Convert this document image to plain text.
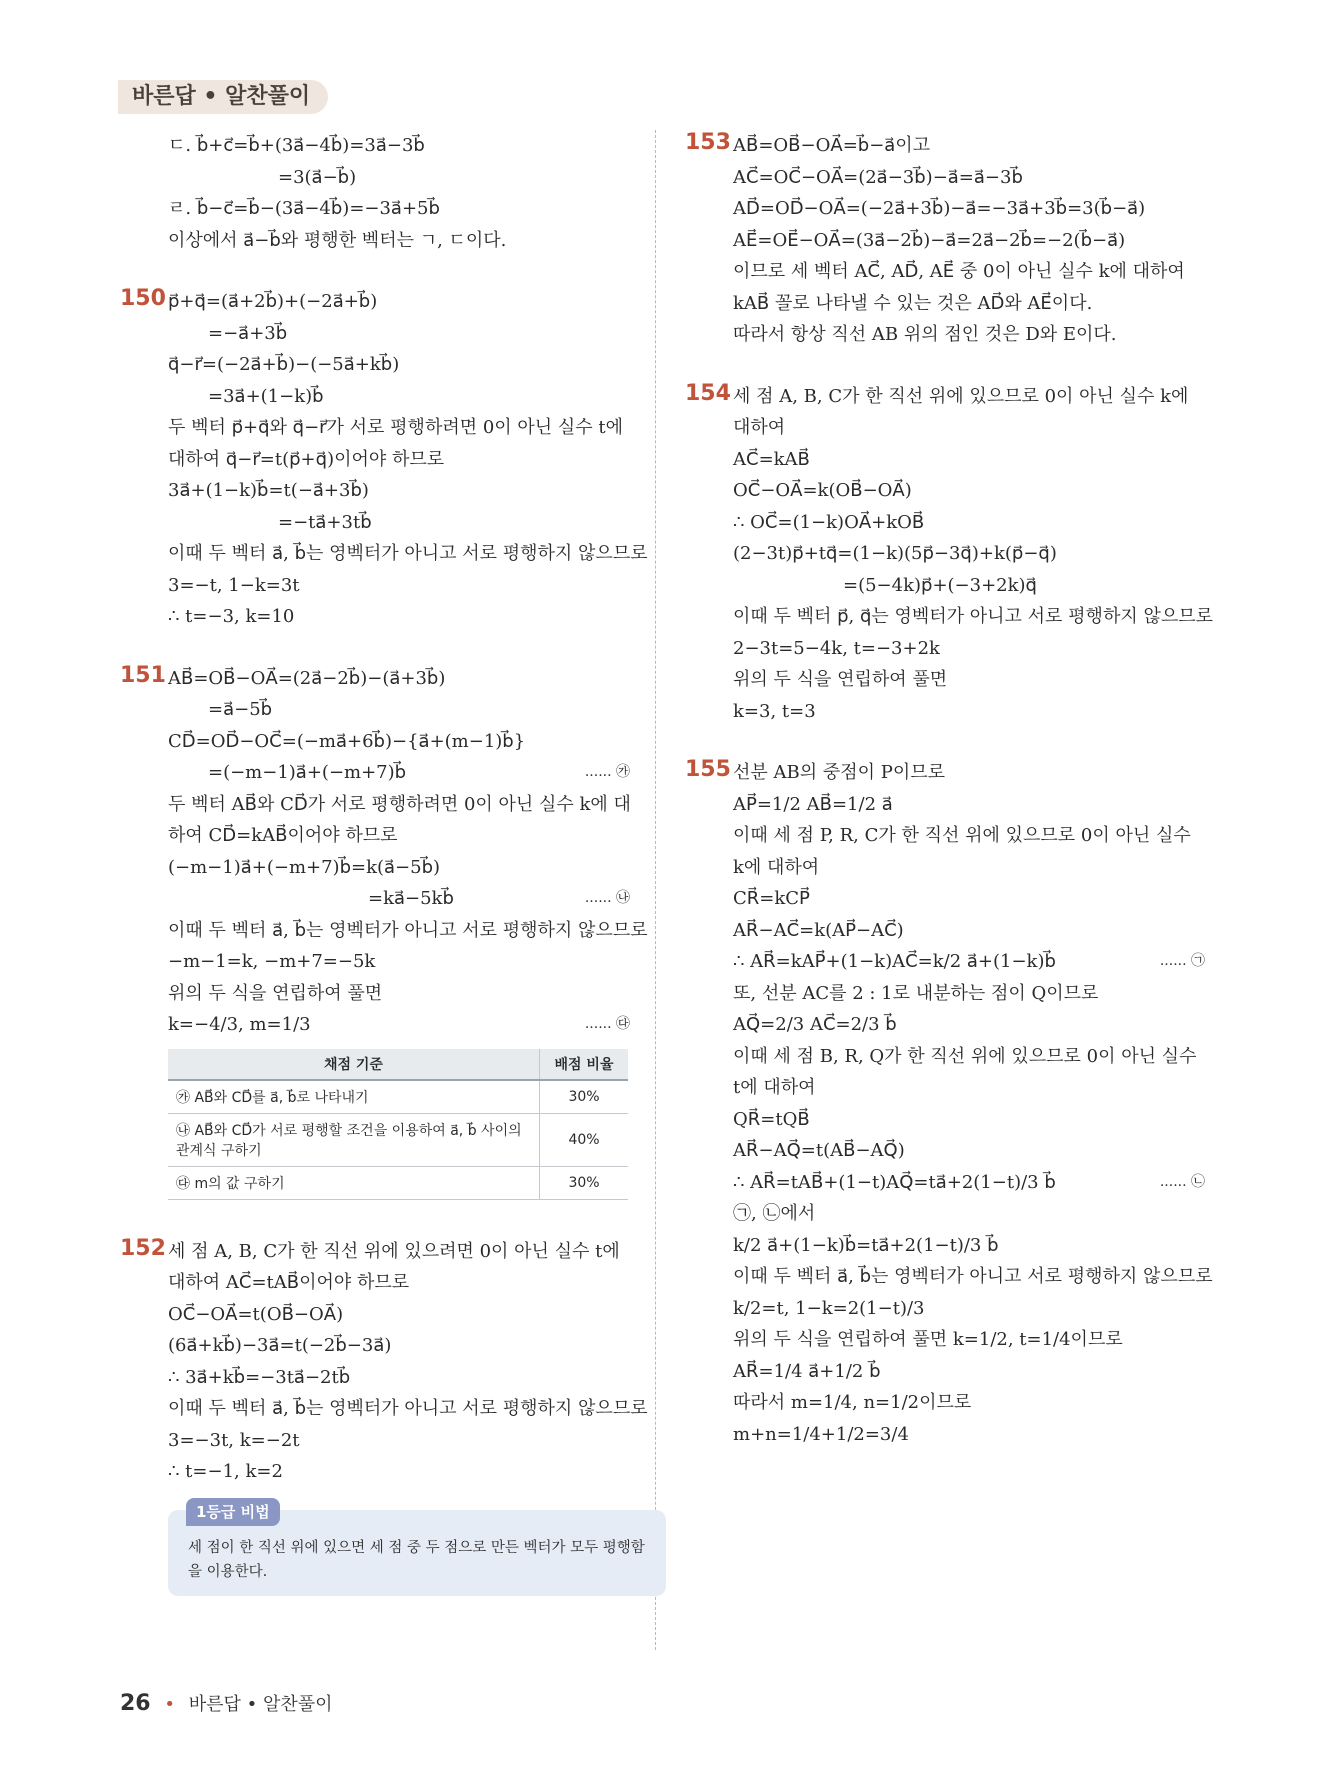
바른답 • 알찬풀이
ㄷ. b⃗+c⃗=b⃗+(3a⃗−4b⃗)=3a⃗−3b⃗
=3(a⃗−b⃗)
ㄹ. b⃗−c⃗=b⃗−(3a⃗−4b⃗)=−3a⃗+5b⃗
이상에서 a⃗−b⃗와 평행한 벡터는 ㄱ, ㄷ이다.
150 p⃗+q⃗=(a⃗+2b⃗)+(−2a⃗+b⃗)
=−a⃗+3b⃗
q⃗−r⃗=(−2a⃗+b⃗)−(−5a⃗+kb⃗)
=3a⃗+(1−k)b⃗
두 벡터 p⃗+q⃗와 q⃗−r⃗가 서로 평행하려면 0이 아닌 실수 t에
대하여 q⃗−r⃗=t(p⃗+q⃗)이어야 하므로
3a⃗+(1−k)b⃗=t(−a⃗+3b⃗)
=−ta⃗+3tb⃗
이때 두 벡터 a⃗, b⃗는 영벡터가 아니고 서로 평행하지 않으므로
3=−t, 1−k=3t
∴ t=−3, k=10
151 AB⃗=OB⃗−OA⃗=(2a⃗−2b⃗)−(a⃗+3b⃗)
=a⃗−5b⃗
CD⃗=OD⃗−OC⃗=(−ma⃗+6b⃗)−{a⃗+(m−1)b⃗}
=(−m−1)a⃗+(−m+7)b⃗	...... ㉮
두 벡터 AB⃗와 CD⃗가 서로 평행하려면 0이 아닌 실수 k에 대
하여 CD⃗=kAB⃗이어야 하므로
(−m−1)a⃗+(−m+7)b⃗=k(a⃗−5b⃗)
=ka⃗−5kb⃗	...... ㉯
이때 두 벡터 a⃗, b⃗는 영벡터가 아니고 서로 평행하지 않으므로
−m−1=k, −m+7=−5k
위의 두 식을 연립하여 풀면
k=−4/3, m=1/3	...... ㉰
채점 기준	배점 비율
㉮ AB⃗와 CD⃗를 a⃗, b⃗로 나타내기	30%
㉯ AB⃗와 CD⃗가 서로 평행할 조건을 이용하여 a⃗, b⃗ 사이의 관계식 구하기	40%
㉰ m의 값 구하기	30%
152 세 점 A, B, C가 한 직선 위에 있으려면 0이 아닌 실수 t에
대하여 AC⃗=tAB⃗이어야 하므로
OC⃗−OA⃗=t(OB⃗−OA⃗)
(6a⃗+kb⃗)−3a⃗=t(−2b⃗−3a⃗)
∴ 3a⃗+kb⃗=−3ta⃗−2tb⃗
이때 두 벡터 a⃗, b⃗는 영벡터가 아니고 서로 평행하지 않으므로
3=−3t, k=−2t
∴ t=−1, k=2
1등급 비법
세 점이 한 직선 위에 있으면 세 점 중 두 점으로 만든 벡터가 모두 평행함을 이용한다.
153 AB⃗=OB⃗−OA⃗=b⃗−a⃗이고
AC⃗=OC⃗−OA⃗=(2a⃗−3b⃗)−a⃗=a⃗−3b⃗
AD⃗=OD⃗−OA⃗=(−2a⃗+3b⃗)−a⃗=−3a⃗+3b⃗=3(b⃗−a⃗)
AE⃗=OE⃗−OA⃗=(3a⃗−2b⃗)−a⃗=2a⃗−2b⃗=−2(b⃗−a⃗)
이므로 세 벡터 AC⃗, AD⃗, AE⃗ 중 0이 아닌 실수 k에 대하여
kAB⃗ 꼴로 나타낼 수 있는 것은 AD⃗와 AE⃗이다.
따라서 항상 직선 AB 위의 점인 것은 D와 E이다.
154 세 점 A, B, C가 한 직선 위에 있으므로 0이 아닌 실수 k에
대하여
AC⃗=kAB⃗
OC⃗−OA⃗=k(OB⃗−OA⃗)
∴ OC⃗=(1−k)OA⃗+kOB⃗
(2−3t)p⃗+tq⃗=(1−k)(5p⃗−3q⃗)+k(p⃗−q⃗)
=(5−4k)p⃗+(−3+2k)q⃗
이때 두 벡터 p⃗, q⃗는 영벡터가 아니고 서로 평행하지 않으므로
2−3t=5−4k, t=−3+2k
위의 두 식을 연립하여 풀면
k=3, t=3
155 선분 AB의 중점이 P이므로
AP⃗=1/2 AB⃗=1/2 a⃗
이때 세 점 P, R, C가 한 직선 위에 있으므로 0이 아닌 실수
k에 대하여
CR⃗=kCP⃗
AR⃗−AC⃗=k(AP⃗−AC⃗)
∴ AR⃗=kAP⃗+(1−k)AC⃗=k/2 a⃗+(1−k)b⃗	...... ㉠
또, 선분 AC를 2 : 1로 내분하는 점이 Q이므로
AQ⃗=2/3 AC⃗=2/3 b⃗
이때 세 점 B, R, Q가 한 직선 위에 있으므로 0이 아닌 실수
t에 대하여
QR⃗=tQB⃗
AR⃗−AQ⃗=t(AB⃗−AQ⃗)
∴ AR⃗=tAB⃗+(1−t)AQ⃗=ta⃗+2(1−t)/3 b⃗	...... ㉡
㉠, ㉡에서
k/2 a⃗+(1−k)b⃗=ta⃗+2(1−t)/3 b⃗
이때 두 벡터 a⃗, b⃗는 영벡터가 아니고 서로 평행하지 않으므로
k/2=t, 1−k=2(1−t)/3
위의 두 식을 연립하여 풀면 k=1/2, t=1/4이므로
AR⃗=1/4 a⃗+1/2 b⃗
따라서 m=1/4, n=1/2이므로
m+n=1/4+1/2=3/4
26 • 바른답 • 알찬풀이
